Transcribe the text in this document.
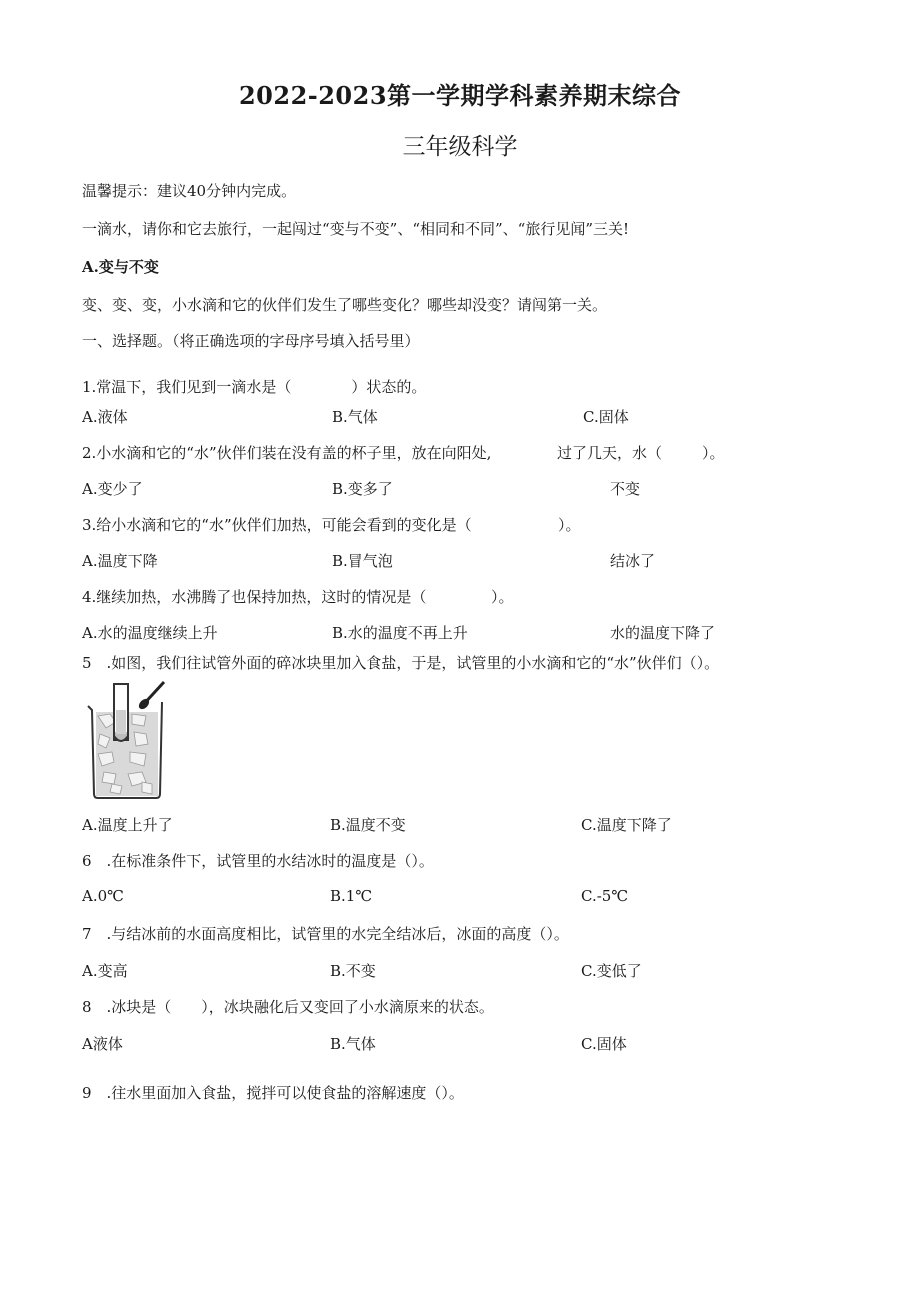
2022-2023第一学期学科素养期末综合
三年级科学
温馨提示：建议40分钟内完成。
一滴水，请你和它去旅行，一起闯过“变与不变”、“相同和不同”、“旅行见闻”三关!
A.变与不变
变、变、变，小水滴和它的伙伴们发生了哪些变化？哪些却没变？请闯第一关。
一、选择题。（将正确选项的字母序号填入括号里）
1.常温下，我们见到一滴水是（　　　　）状态的。
A.液体	B.气体	C.固体
2.小水滴和它的“水”伙伴们装在没有盖的杯子里，放在向阳处,	过了几天，水（	）。
A.变少了	B.变多了	不变
3.给小水滴和它的“水”伙伴们加热，可能会看到的变化是（	）。
A.温度下降	B.冒气泡	结冰了
4.继续加热，水沸腾了也保持加热，这时的情况是（	）。
A.水的温度继续上升	B.水的温度不再上升	水的温度下降了
5　.如图，我们往试管外面的碎冰块里加入食盐，于是，试管里的小水滴和它的“水”伙伴们（）。
A.温度上升了	B.温度不变	C.温度下降了
6　.在标准条件下，试管里的水结冰时的温度是（）。
A.0℃	B.1℃	C.-5℃
7　.与结冰前的水面高度相比，试管里的水完全结冰后，冰面的高度（）。
A.变高	B.不变	C.变低了
8　.冰块是（　　），冰块融化后又变回了小水滴原来的状态。
A液体	B.气体	C.固体
9　.往水里面加入食盐，搅拌可以使食盐的溶解速度（）。
